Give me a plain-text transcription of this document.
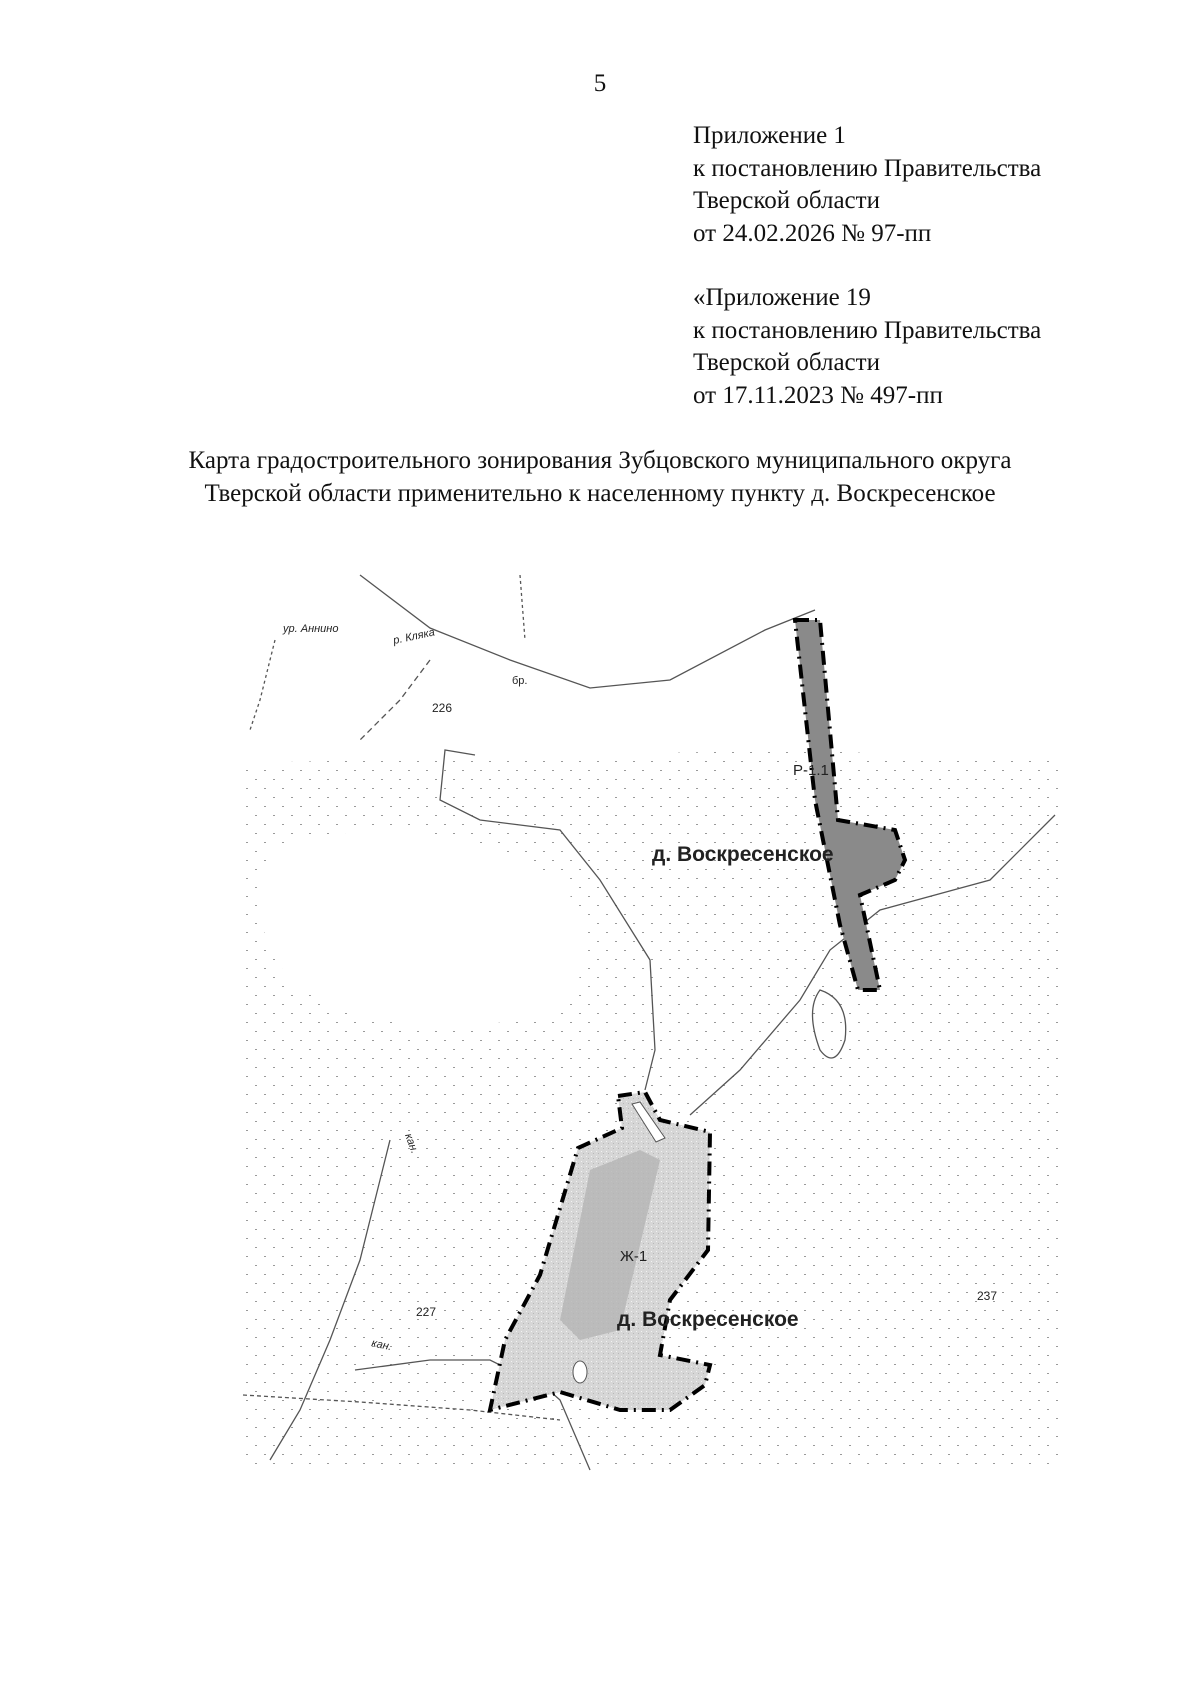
5
Приложение 1
к постановлению Правительства
Тверской области
от 24.02.2026 № 97-пп
«Приложение 19
к постановлению Правительства
Тверской области
от 17.11.2023 № 497-пп
Карта градостроительного зонирования Зубцовского муниципального округа
Тверской области применительно к населенному пункту д. Воскресенское
ур. Аннино	р. Кляка
бр.
226
Р-1.1
д. Воскресенское
кан.
Ж-1
237
227	д. Воскресенское
кан.
